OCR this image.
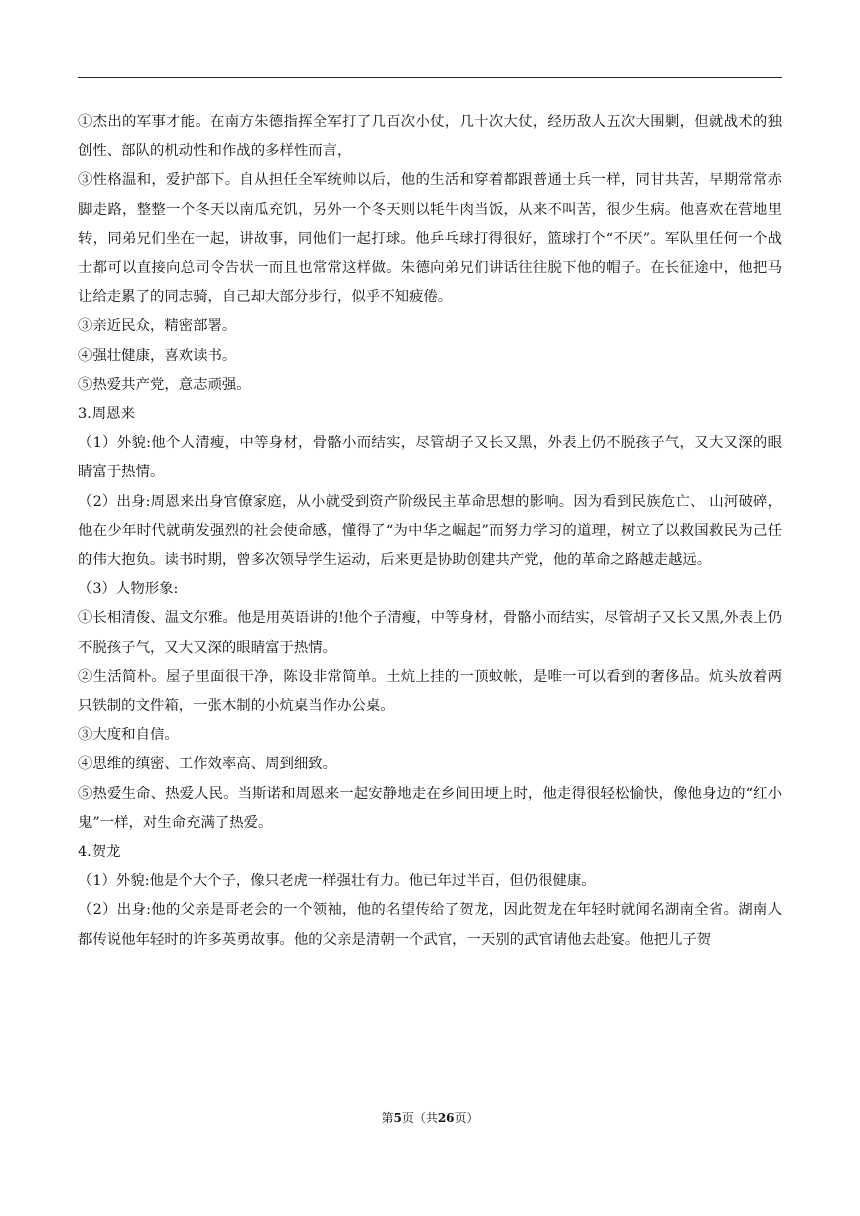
①杰出的军事才能。在南方朱德指挥全军打了几百次小仗，几十次大仗，经历敌人五次大围剿，但就战术的独创性、部队的机动性和作战的多样性而言，

③性格温和，爱护部下。自从担任全军统帅以后，他的生活和穿着都跟普通士兵一样，同甘共苦，早期常常赤脚走路，整整一个冬天以南瓜充饥，另外一个冬天则以牦牛肉当饭，从来不叫苦，很少生病。他喜欢在营地里转，同弟兄们坐在一起，讲故事，同他们一起打球。他乒乓球打得很好，篮球打个“不厌”。军队里任何一个战士都可以直接向总司令告状一而且也常常这样做。朱德向弟兄们讲话往往脱下他的帽子。在长征途中，他把马让给走累了的同志骑，自己却大部分步行，似乎不知疲倦。

③亲近民众，精密部署。

④强壮健康，喜欢读书。

⑤热爱共产党，意志顽强。

3.周恩来

（1）外貌:他个人清瘦，中等身材，骨骼小而结实，尽管胡子又长又黑，外表上仍不脱孩子气，又大又深的眼睛富于热情。

（2）出身:周恩来出身官僚家庭，从小就受到资产阶级民主革命思想的影响。因为看到民族危亡、 山河破碎，他在少年时代就萌发强烈的社会使命感，懂得了“为中华之崛起”而努力学习的道理，树立了以救国救民为己任的伟大抱负。读书时期，曾多次领导学生运动，后来更是协助创建共产党，他的革命之路越走越远。

（3）人物形象:

①长相清俊、温文尔雅。他是用英语讲的!他个子清瘦，中等身材，骨骼小而结实，尽管胡子又长又黑,外表上仍不脱孩子气，又大又深的眼睛富于热情。

②生活简朴。屋子里面很干净，陈设非常简单。土炕上挂的一顶蚊帐，是唯一可以看到的奢侈品。炕头放着两只铁制的文件箱，一张木制的小炕桌当作办公桌。

③大度和自信。

④思维的缜密、工作效率高、周到细致。

⑤热爱生命、热爱人民。当斯诺和周恩来一起安静地走在乡间田埂上时，他走得很轻松愉快，像他身边的“红小鬼”一样，对生命充满了热爱。

4.贺龙

（1）外貌:他是个大个子，像只老虎一样强壮有力。他已年过半百，但仍很健康。

（2）出身:他的父亲是哥老会的一个领袖，他的名望传给了贺龙，因此贺龙在年轻时就闻名湖南全省。湖南人都传说他年轻时的许多英勇故事。他的父亲是清朝一个武官，一天别的武官请他去赴宴。他把儿子贺

第5页（共26页）
